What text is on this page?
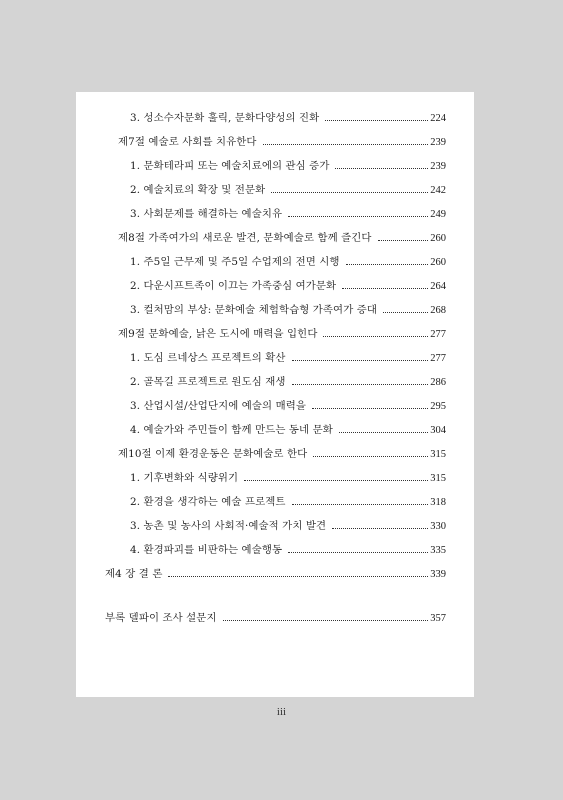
3. 성소수자문화 훌릭, 문화다양성의 진화	224
제7절 예술로 사회를 치유한다	239
1. 문화테라피 또는 예술치료에의 관심 증가	239
2. 예술치료의 확장 및 전문화	242
3. 사회문제를 해결하는 예술치유	249
제8절 가족여가의 새로운 발견, 문화예술로 함께 즐긴다	260
1. 주5일 근무제 및 주5일 수업제의 전면 시행	260
2. 다운시프트족이 이끄는 가족중심 여가문화	264
3. 컬처맘의 부상: 문화예술 체험학습형 가족여가 증대	268
제9절 문화예술, 낡은 도시에 매력을 입힌다	277
1. 도심 르네상스 프로젝트의 확산	277
2. 골목길 프로젝트로 원도심 재생	286
3. 산업시설/산업단지에 예술의 매력을	295
4. 예술가와 주민들이 함께 만드는 동네 문화	304
제10절 이제 환경운동은 문화예술로 한다	315
1. 기후변화와 식량위기	315
2. 환경을 생각하는 예술 프로젝트	318
3. 농촌 및 농사의 사회적·예술적 가치 발견	330
4. 환경파괴를 비판하는 예술행동	335
제4 장 결 론	339
부록 델파이 조사 설문지	357
iii
